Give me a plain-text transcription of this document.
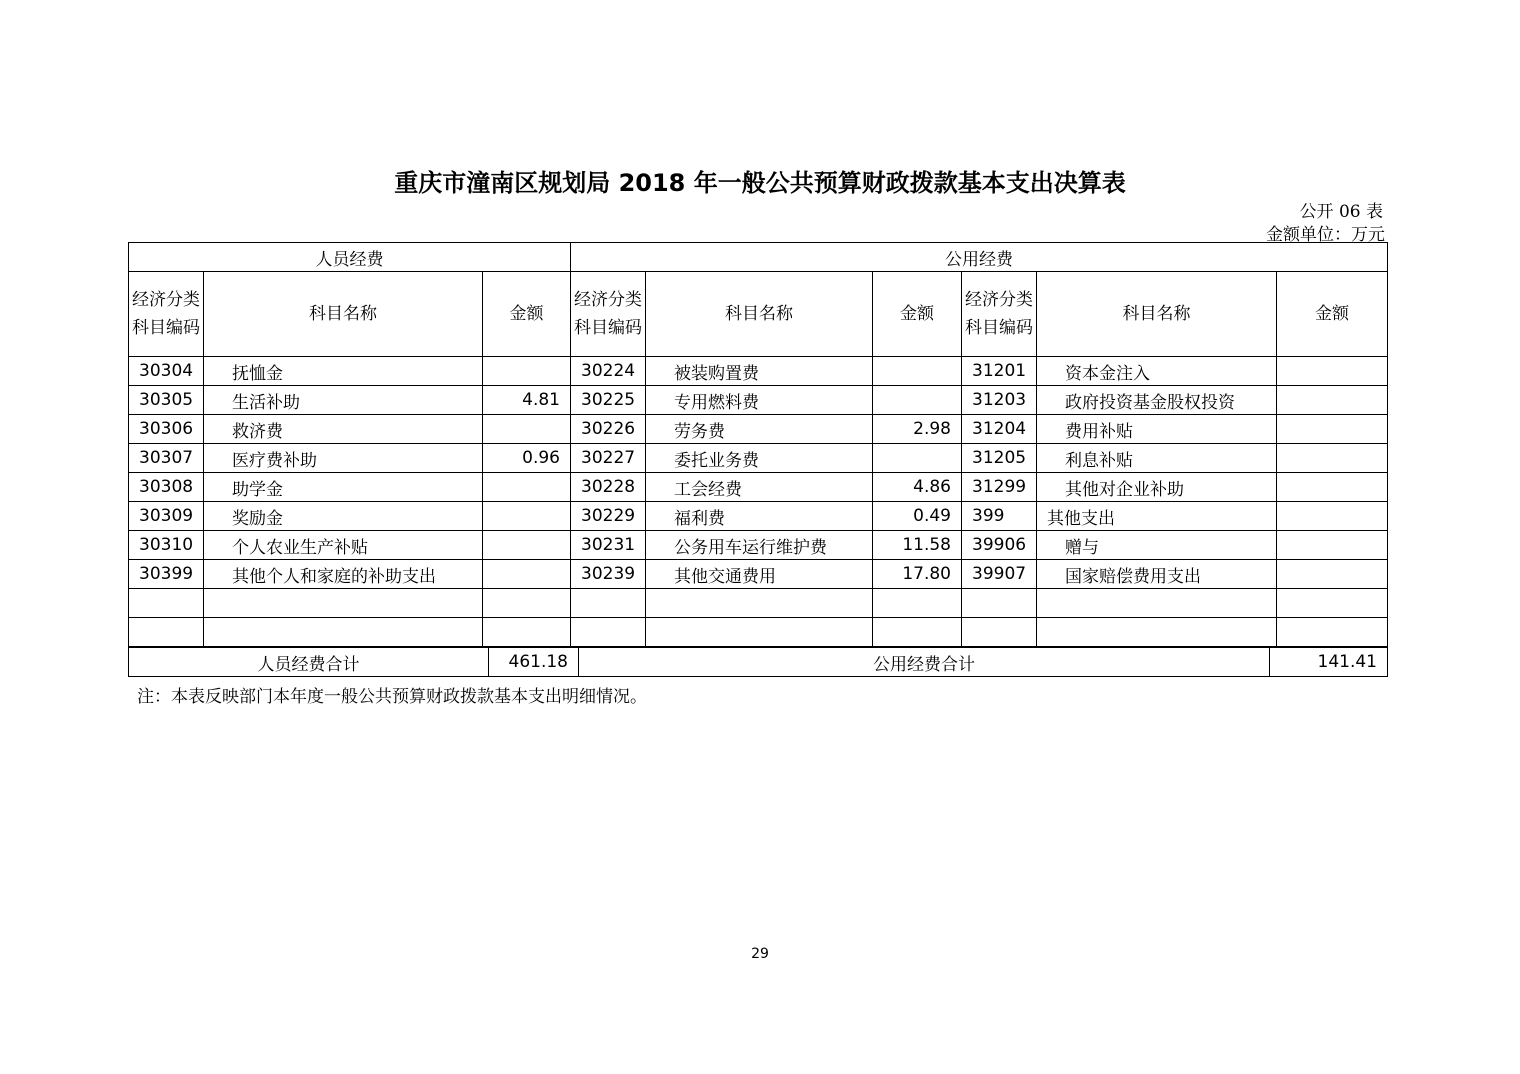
重庆市潼南区规划局 2018 年一般公共预算财政拨款基本支出决算表
公开 06 表
金额单位：万元
人员经费			公用经费					
经济分类科目编码	科目名称	金额	经济分类科目编码	科目名称	金额	经济分类科目编码	科目名称	金额
30304	抚恤金		30224	被装购置费		31201	资本金注入	
30305	生活补助	4.81	30225	专用燃料费		31203	政府投资基金股权投资	
30306	救济费		30226	劳务费	2.98	31204	费用补贴	
30307	医疗费补助	0.96	30227	委托业务费		31205	利息补贴	
30308	助学金		30228	工会经费	4.86	31299	其他对企业补助	
30309	奖励金		30229	福利费	0.49	399	其他支出	
30310	个人农业生产补贴		30231	公务用车运行维护费	11.58	39906	赠与	
30399	其他个人和家庭的补助支出		30239	其他交通费用	17.80	39907	国家赔偿费用支出	

人员经费合计	461.18	公用经费合计	141.41
注：本表反映部门本年度一般公共预算财政拨款基本支出明细情况。
29
